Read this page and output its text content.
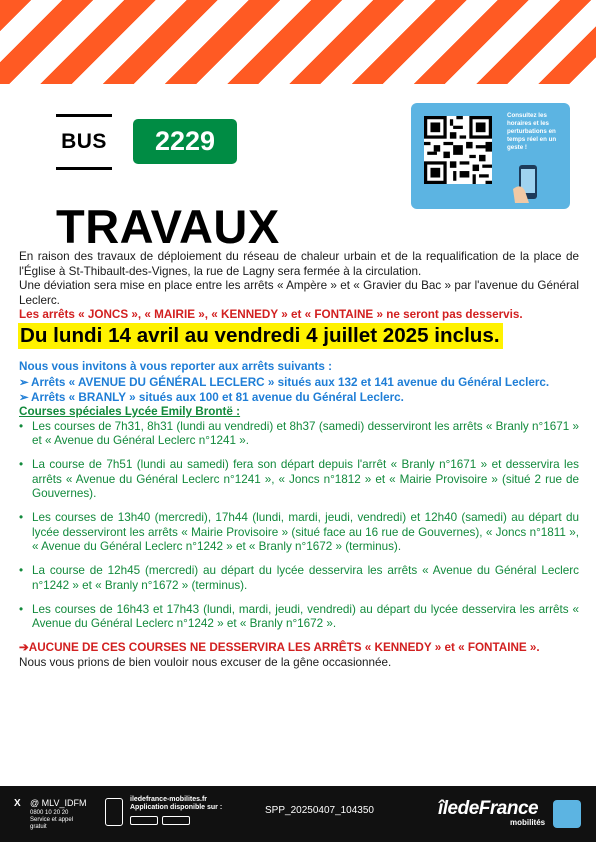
BUS 2229
Consultez les horaires et les perturbations en temps réel en un geste !
TRAVAUX

En raison des travaux de déploiement du réseau de chaleur urbain et de la requalification de la place de l'Église à St-Thibault-des-Vignes, la rue de Lagny sera fermée à la circulation.

Une déviation sera mise en place entre les arrêts « Ampère » et « Gravier du Bac » par l'avenue du Général Leclerc.

Les arrêts « JONCS », « MAIRIE », « KENNEDY » et « FONTAINE » ne seront pas desservis.

Du lundi 14 avril au vendredi 4 juillet 2025 inclus.

Nous vous invitons à vous reporter aux arrêts suivants :

➢ Arrêts « AVENUE DU GÉNÉRAL LECLERC » situés aux 132 et 141 avenue du Général Leclerc.
➢ Arrêts « BRANLY » situés aux 100 et 81 avenue du Général Leclerc.

Courses spéciales Lycée Emily Brontë :

• Les courses de 7h31, 8h31 (lundi au vendredi) et 8h37 (samedi) desserviront les arrêts « Branly n°1671 » et « Avenue du Général Leclerc n°1241 ».
• La course de 7h51 (lundi au samedi) fera son départ depuis l'arrêt « Branly n°1671 » et desservira les arrêts « Avenue du Général Leclerc n°1241 », « Joncs n°1812 » et « Mairie Provisoire » (situé 2 rue de Gouvernes).
• Les courses de 13h40 (mercredi), 17h44 (lundi, mardi, jeudi, vendredi) et 12h40 (samedi) au départ du lycée desserviront les arrêts « Mairie Provisoire » (situé face au 16 rue de Gouvernes), « Joncs n°1811 », « Avenue du Général Leclerc n°1242 » et « Branly n°1672 » (terminus).
• La course de 12h45 (mercredi) au départ du lycée desservira les arrêts « Avenue du Général Leclerc n°1242 » et « Branly n°1672 » (terminus).
• Les courses de 16h43 et 17h43 (lundi, mardi, jeudi, vendredi) au départ du lycée desservira les arrêts « Avenue du Général Leclerc n°1242 » et « Branly n°1672 ».

➔AUCUNE DE CES COURSES NE DESSERVIRA LES ARRÊTS « KENNEDY » et « FONTAINE ».

Nous vous prions de bien vouloir nous excuser de la gêne occasionnée.

X @ MLV_IDFM
0800 10 20 20 Service et appel gratuit
iledefrance-mobilites.fr
Application disponible sur :	SPP_20250407_104350	îledeFrance
mobilités
